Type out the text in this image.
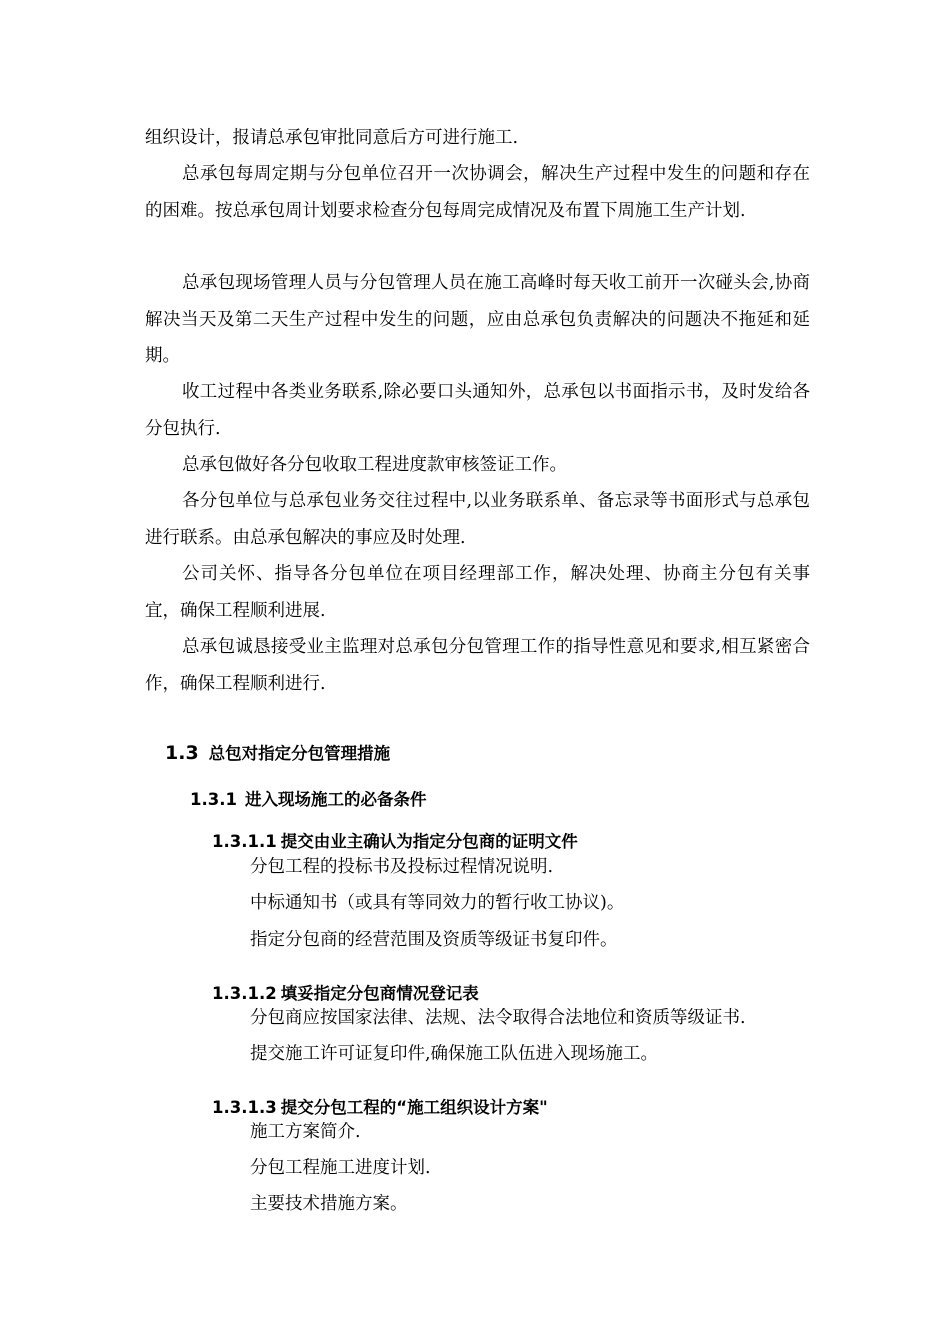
组织设计，报请总承包审批同意后方可进行施工.

总承包每周定期与分包单位召开一次协调会，解决生产过程中发生的问题和存在的困难。按总承包周计划要求检查分包每周完成情况及布置下周施工生产计划.

总承包现场管理人员与分包管理人员在施工高峰时每天收工前开一次碰头会,协商解决当天及第二天生产过程中发生的问题，应由总承包负责解决的问题决不拖延和延期。

收工过程中各类业务联系,除必要口头通知外，总承包以书面指示书，及时发给各分包执行.

总承包做好各分包收取工程进度款审核签证工作。

各分包单位与总承包业务交往过程中,以业务联系单、备忘录等书面形式与总承包进行联系。由总承包解决的事应及时处理.

公司关怀、指导各分包单位在项目经理部工作，解决处理、协商主分包有关事宜，确保工程顺利进展.

总承包诚恳接受业主监理对总承包分包管理工作的指导性意见和要求,相互紧密合作，确保工程顺利进行.

1.3 总包对指定分包管理措施
1.3.1 进入现场施工的必备条件
1.3.1.1 提交由业主确认为指定分包商的证明文件

分包工程的投标书及投标过程情况说明.

中标通知书（或具有等同效力的暂行收工协议)。

指定分包商的经营范围及资质等级证书复印件。

1.3.1.2 填妥指定分包商情况登记表

分包商应按国家法律、法规、法令取得合法地位和资质等级证书.

提交施工许可证复印件,确保施工队伍进入现场施工。

1.3.1.3 提交分包工程的“施工组织设计方案"

施工方案简介.

分包工程施工进度计划.

主要技术措施方案。
